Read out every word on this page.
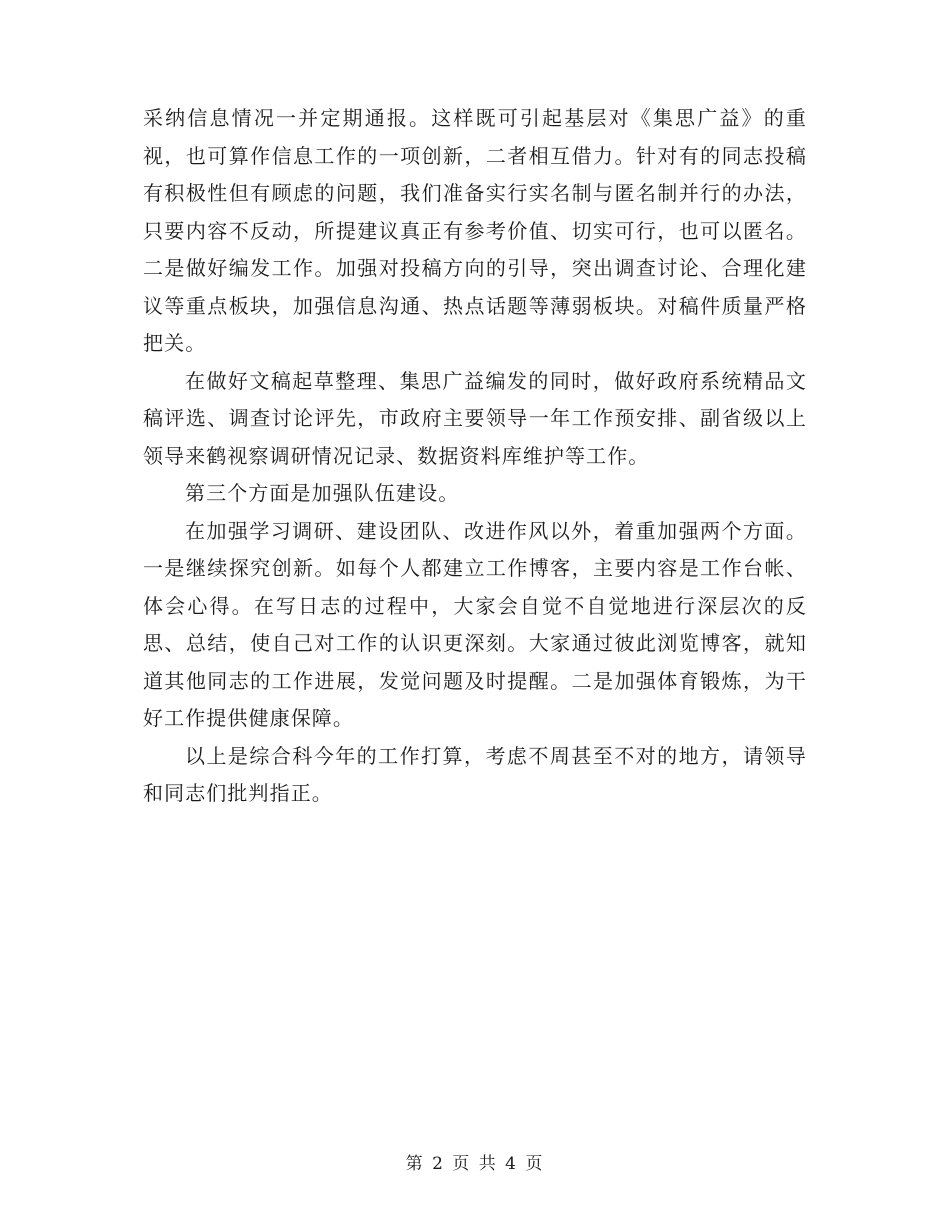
采纳信息情况一并定期通报。这样既可引起基层对《集思广益》的重视，也可算作信息工作的一项创新，二者相互借力。针对有的同志投稿有积极性但有顾虑的问题，我们准备实行实名制与匿名制并行的办法，只要内容不反动，所提建议真正有参考价值、切实可行，也可以匿名。二是做好编发工作。加强对投稿方向的引导，突出调查讨论、合理化建议等重点板块，加强信息沟通、热点话题等薄弱板块。对稿件质量严格把关。

在做好文稿起草整理、集思广益编发的同时，做好政府系统精品文稿评选、调查讨论评先，市政府主要领导一年工作预安排、副省级以上领导来鹤视察调研情况记录、数据资料库维护等工作。

第三个方面是加强队伍建设。

在加强学习调研、建设团队、改进作风以外，着重加强两个方面。一是继续探究创新。如每个人都建立工作博客，主要内容是工作台帐、体会心得。在写日志的过程中，大家会自觉不自觉地进行深层次的反思、总结，使自己对工作的认识更深刻。大家通过彼此浏览博客，就知道其他同志的工作进展，发觉问题及时提醒。二是加强体育锻炼，为干好工作提供健康保障。

以上是综合科今年的工作打算，考虑不周甚至不对的地方，请领导和同志们批判指正。

第 2 页 共 4 页
